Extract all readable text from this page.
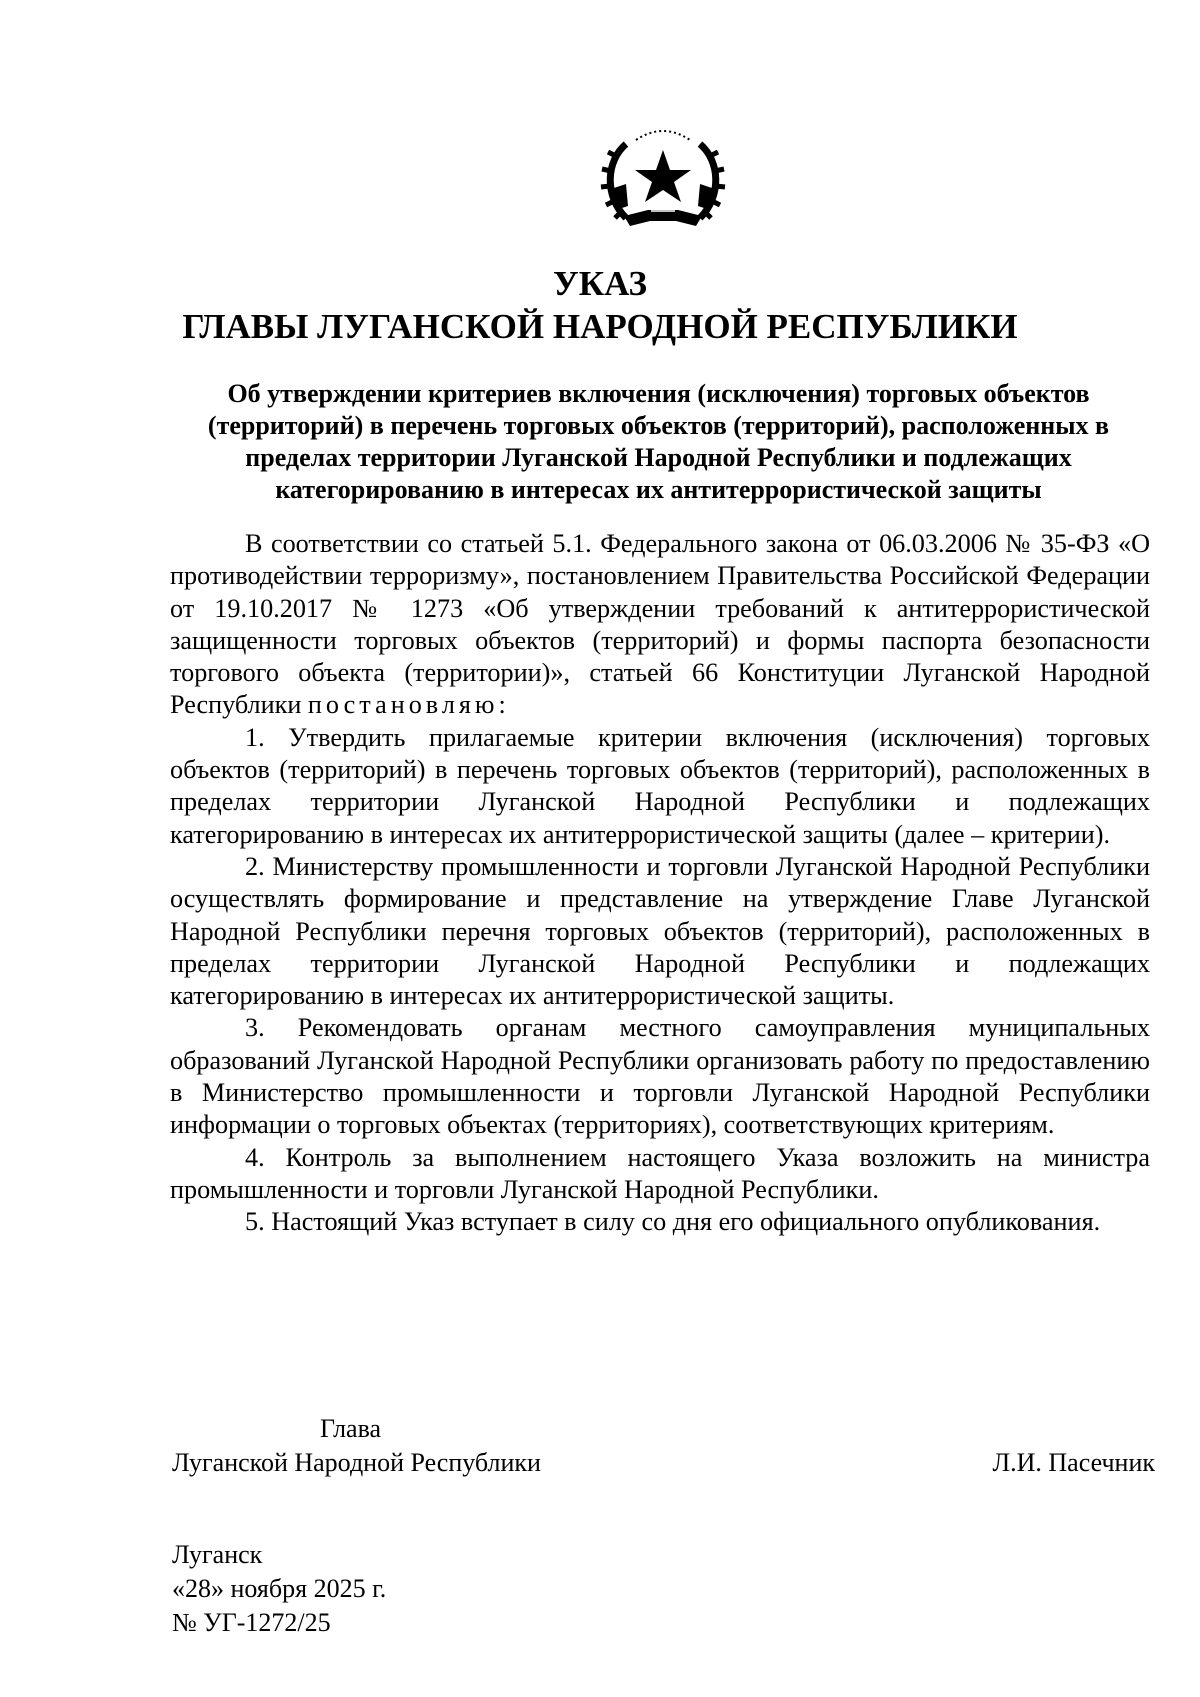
УКАЗ
ГЛАВЫ ЛУГАНСКОЙ НАРОДНОЙ РЕСПУБЛИКИ

Об утверждении критериев включения (исключения) торговых объектов (территорий) в перечень торговых объектов (территорий), расположенных в пределах территории Луганской Народной Республики и подлежащих категорированию в интересах их антитеррористической защиты

В соответствии со статьей 5.1. Федерального закона от 06.03.2006 № 35-ФЗ «О противодействии терроризму», постановлением Правительства Российской Федерации от 19.10.2017 № 1273 «Об утверждении требований к антитеррористической защищенности торговых объектов (территорий) и формы паспорта безопасности торгового объекта (территории)», статьей 66 Конституции Луганской Народной Республики постановляю:

1. Утвердить прилагаемые критерии включения (исключения) торговых объектов (территорий) в перечень торговых объектов (территорий), расположенных в пределах территории Луганской Народной Республики и подлежащих категорированию в интересах их антитеррористической защиты (далее – критерии).

2. Министерству промышленности и торговли Луганской Народной Республики осуществлять формирование и представление на утверждение Главе Луганской Народной Республики перечня торговых объектов (территорий), расположенных в пределах территории Луганской Народной Республики и подлежащих категорированию в интересах их антитеррористической защиты.

3. Рекомендовать органам местного самоуправления муниципальных образований Луганской Народной Республики организовать работу по предоставлению в Министерство промышленности и торговли Луганской Народной Республики информации о торговых объектах (территориях), соответствующих критериям.

4. Контроль за выполнением настоящего Указа возложить на министра промышленности и торговли Луганской Народной Республики.

5. Настоящий Указ вступает в силу со дня его официального опубликования.

Глава
Луганской Народной Республики	Л.И. Пасечник
Луганск
«28» ноября 2025 г.
№ УГ-1272/25
